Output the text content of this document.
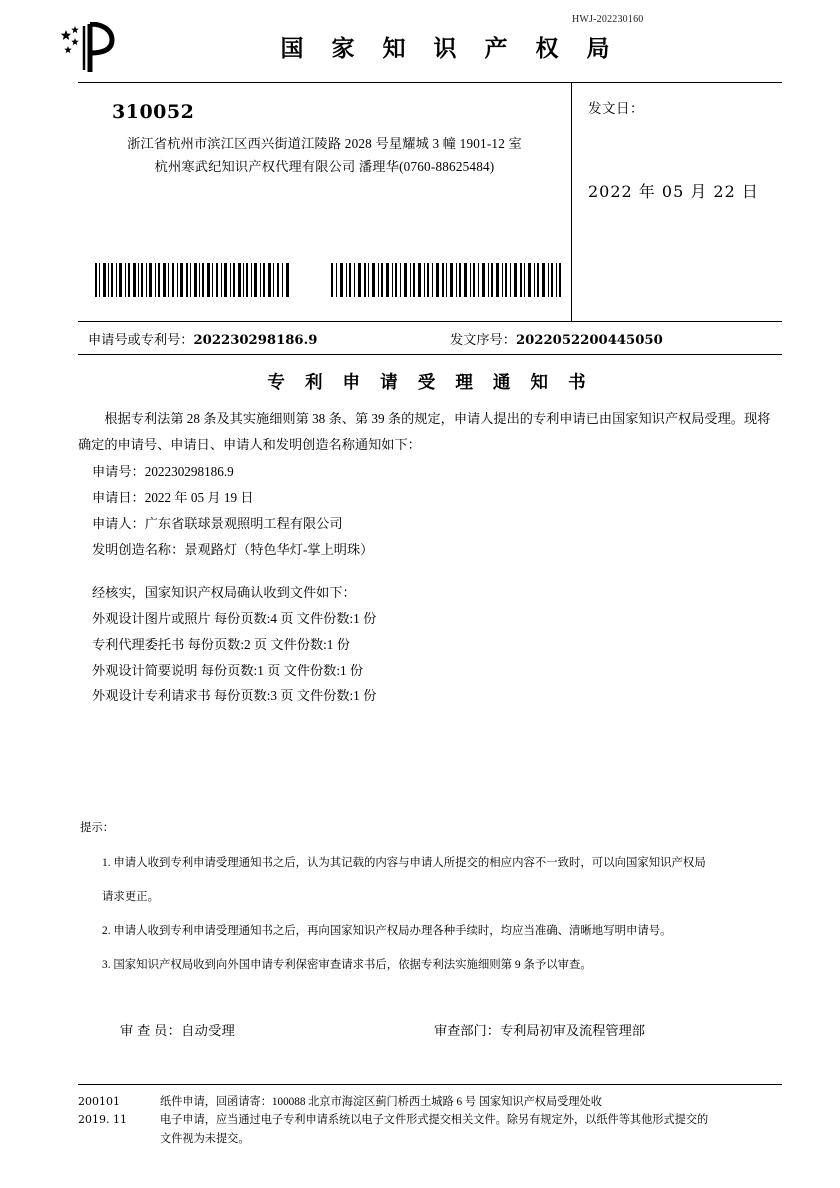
HWJ-202230160
国 家 知 识 产 权 局
310052
浙江省杭州市滨江区西兴街道江陵路 2028 号星耀城 3 幢 1901-12 室
杭州寒武纪知识产权代理有限公司 潘理华(0760-88625484)
发文日：
2022 年 05 月 22 日
申请号或专利号：202230298186.9	发文序号：2022052200445050
专 利 申 请 受 理 通 知 书

根据专利法第 28 条及其实施细则第 38 条、第 39 条的规定，申请人提出的专利申请已由国家知识产权局受理。现将确定的申请号、申请日、申请人和发明创造名称通知如下：

申请号：202230298186.9

申请日：2022 年 05 月 19 日

申请人：广东省联球景观照明工程有限公司

发明创造名称：景观路灯（特色华灯-掌上明珠）

经核实，国家知识产权局确认收到文件如下：

外观设计图片或照片 每份页数:4 页 文件份数:1 份

专利代理委托书 每份页数:2 页 文件份数:1 份

外观设计简要说明 每份页数:1 页 文件份数:1 份

外观设计专利请求书 每份页数:3 页 文件份数:1 份

提示：

1. 申请人收到专利申请受理通知书之后，认为其记载的内容与申请人所提交的相应内容不一致时，可以向国家知识产权局

请求更正。

2. 申请人收到专利申请受理通知书之后，再向国家知识产权局办理各种手续时，均应当准确、清晰地写明申请号。

3. 国家知识产权局收到向外国申请专利保密审查请求书后，依据专利法实施细则第 9 条予以审查。

审 查 员：自动受理	审查部门：专利局初审及流程管理部
200101
2019. 11
纸件申请，回函请寄：100088 北京市海淀区蓟门桥西土城路 6 号 国家知识产权局受理处收
电子申请，应当通过电子专利申请系统以电子文件形式提交相关文件。除另有规定外，以纸件等其他形式提交的
文件视为未提交。
